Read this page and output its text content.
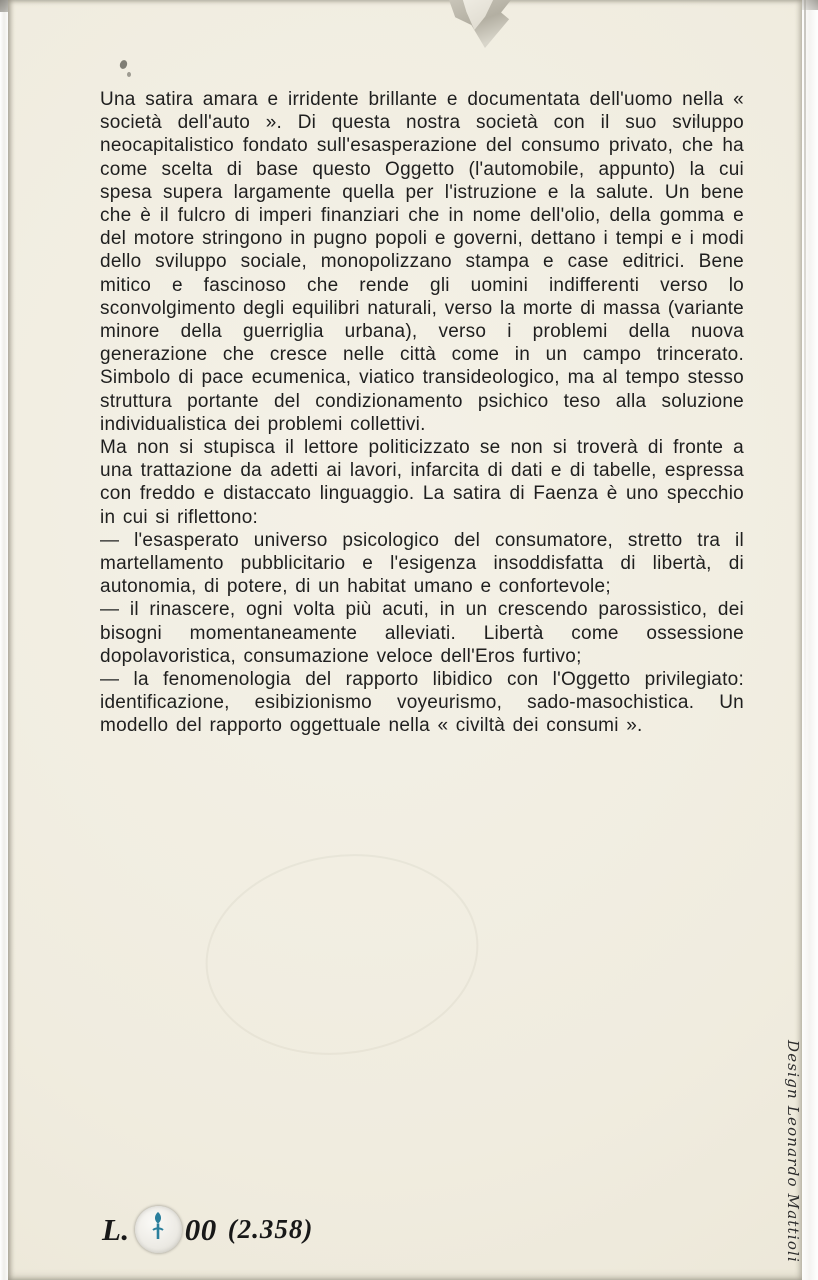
Una satira amara e irridente brillante e documentata dell'uomo nella « società dell'auto ». Di questa nostra società con il suo sviluppo neocapitalistico fondato sull'esasperazione del consumo privato, che ha come scelta di base questo Oggetto (l'automobile, appunto) la cui spesa supera largamente quella per l'istruzione e la salute. Un bene che è il fulcro di imperi finanziari che in nome dell'olio, della gomma e del motore stringono in pugno popoli e governi, dettano i tempi e i modi dello sviluppo sociale, monopolizzano stampa e case editrici. Bene mitico e fascinoso che rende gli uomini indifferenti verso lo sconvolgimento degli equilibri naturali, verso la morte di massa (variante minore della guerriglia urbana), verso i problemi della nuova generazione che cresce nelle città come in un campo trincerato. Simbolo di pace ecumenica, viatico transideologico, ma al tempo stesso struttura portante del condizionamento psichico teso alla soluzione individualistica dei problemi collettivi.

Ma non si stupisca il lettore politicizzato se non si troverà di fronte a una trattazione da adetti ai lavori, infarcita di dati e di tabelle, espressa con freddo e distaccato linguaggio. La satira di Faenza è uno specchio in cui si riflettono:

— l'esasperato universo psicologico del consumatore, stretto tra il martellamento pubblicitario e l'esigenza insoddisfatta di libertà, di autonomia, di potere, di un habitat umano e confortevole;

— il rinascere, ogni volta più acuti, in un crescendo parossistico, dei bisogni momentaneamente alleviati. Libertà come ossessione dopolavoristica, consumazione veloce dell'Eros furtivo;

— la fenomenologia del rapporto libidico con l'Oggetto privilegiato: identificazione, esibizionismo voyeurismo, sado-masochistica. Un modello del rapporto oggettuale nella « civiltà dei consumi ».

L. 00 (2.358)	Design Leonardo Mattioli
